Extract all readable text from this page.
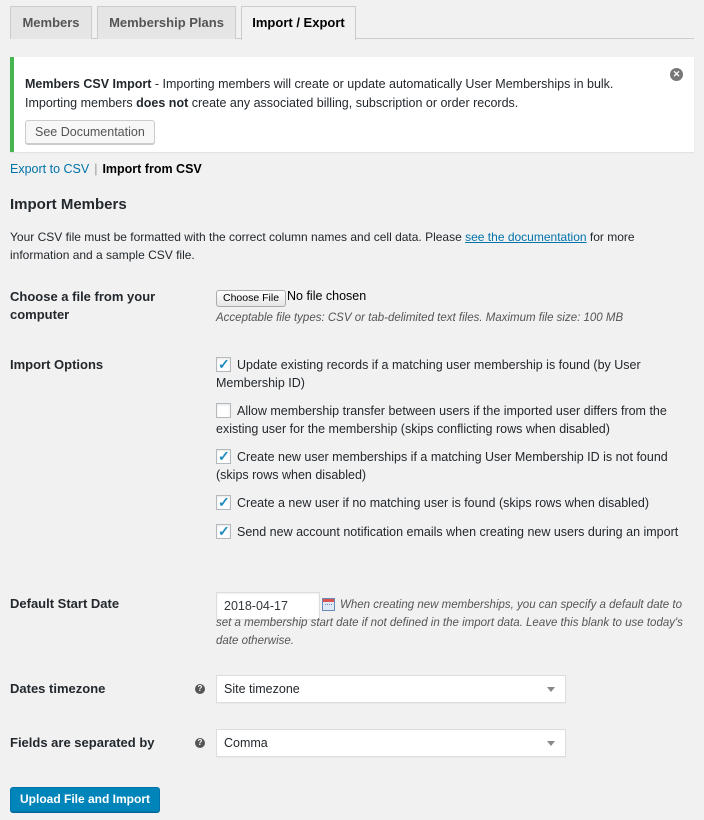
Members	Membership Plans	Import / Export
Members CSV Import - Importing members will create or update automatically User Memberships in bulk. Importing members does not create any associated billing, subscription or order records.
✕
See Documentation
Export to CSV | Import from CSV
Import Members
Your CSV file must be formatted with the correct column names and cell data. Please see the documentation for more information and a sample CSV file.
Choose a file from your computer
Choose File No file chosen
Acceptable file types: CSV or tab-delimited text files. Maximum file size: 100 MB
Import Options
✓	Update existing records if a matching user membership is found (by User Membership ID)
Allow membership transfer between users if the imported user differs from the existing user for the membership (skips conflicting rows when disabled)
✓Create new user memberships if a matching User Membership ID is not found (skips rows when disabled)
✓Create a new user if no matching user is found (skips rows when disabled)
✓Send new account notification emails when creating new users during an import
Default Start Date	2018-04-17	When creating new memberships, you can specify a default date to set a membership start date if not defined in the import data. Leave this blank to use today's date otherwise.
Dates timezone	?	Site timezone
Fields are separated by	?	Comma
Upload File and Import
